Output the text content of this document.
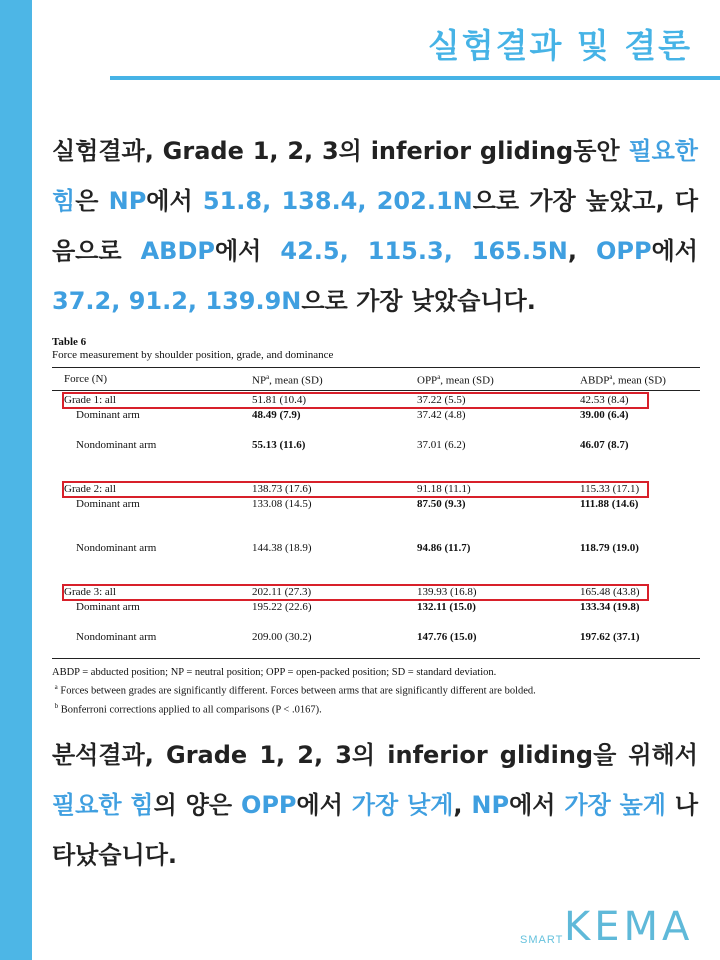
실험결과 및 결론

실험결과, Grade 1, 2, 3의 inferior gliding동안 필요한 힘은 NP에서 51.8, 138.4, 202.1N으로 가장 높았고, 다음으로 ABDP에서 42.5, 115.3, 165.5N, OPP에서 37.2, 91.2, 139.9N으로 가장 낮았습니다.

Table 6
Force measurement by shoulder position, grade, and dominance
Force (N)	$NP^a$, mean (SD)	OPP$^a$, mean (SD)	ABDP$^a$, mean (SD)
Grade 1: all	51.81 (10.4)	37.22 (5.5)	42.53 (8.4)
Dominant arm	48.49 (7.9)	37.42 (4.8)	39.00 (6.4)
Nondominant arm	55.13 (11.6)	37.01 (6.2)	46.07 (8.7)
Grade 2: all	138.73 (17.6)	91.18 (11.1)	115.33 (17.1)
Dominant arm	133.08 (14.5)	87.50 (9.3)	111.88 (14.6)
Nondominant arm	144.38 (18.9)	94.86 (11.7)	118.79 (19.0)
Grade 3: all	202.11 (27.3)	139.93 (16.8)	165.48 (43.8)
Dominant arm	195.22 (22.6)	132.11 (15.0)	133.34 (19.8)
Nondominant arm	209.00 (30.2)	147.76 (15.0)	197.62 (37.1)
ABDP = abducted position; NP = neutral position; OPP = open-packed position; SD = standard deviation.
$^a$ Forces between grades are significantly different. Forces between arms that are significantly different are bolded.
$^b$ Bonferroni corrections applied to all comparisons (P < .0167).

분석결과, Grade 1, 2, 3의 inferior gliding을 위해서 필요한 힘의 양은 OPP에서 가장 낮게, NP에서 가장 높게 나타났습니다.

SMART KEMA
